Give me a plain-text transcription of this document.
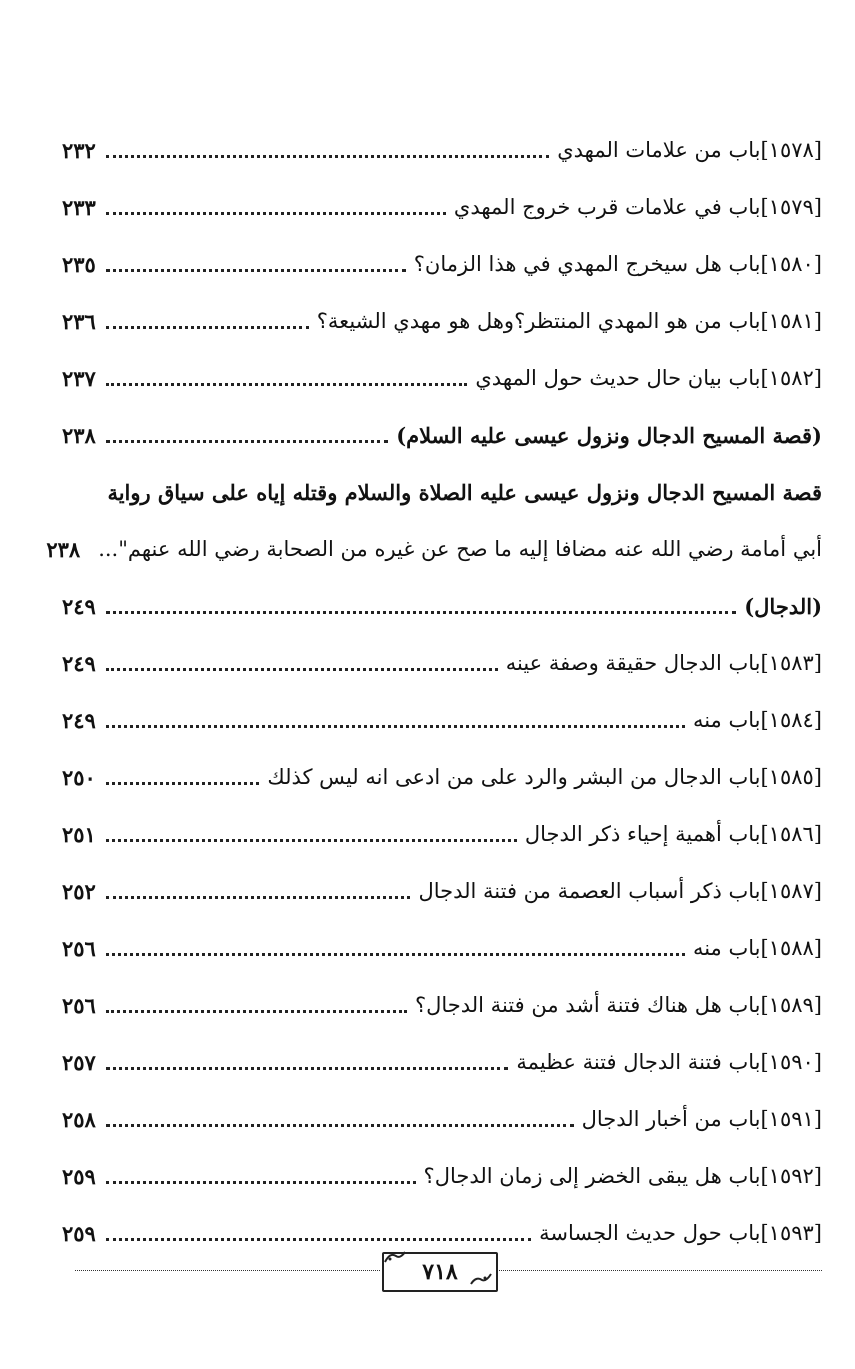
[١٥٧٨]باب من علامات المهدي
٢٣٢
[١٥٧٩]باب في علامات قرب خروج المهدي
٢٣٣
[١٥٨٠]باب هل سيخرج المهدي في هذا الزمان؟
٢٣٥
[١٥٨١]باب من هو المهدي المنتظر؟وهل هو مهدي الشيعة؟
٢٣٦
[١٥٨٢]باب بيان حال حديث حول المهدي
٢٣٧
(قصة المسيح الدجال ونزول عيسى عليه السلام)
٢٣٨
قصة المسيح الدجال ونزول عيسى عليه الصلاة والسلام وقتله إياه على سياق رواية
أبي أمامة رضي الله عنه مضافا إليه ما صح عن غيره من الصحابة رضي الله عنهم"...
٢٣٨
(الدجال)
٢٤٩
[١٥٨٣]باب الدجال حقيقة وصفة عينه
٢٤٩
[١٥٨٤]باب منه
٢٤٩
[١٥٨٥]باب الدجال من البشر والرد على من ادعى انه ليس كذلك
٢٥٠
[١٥٨٦]باب أهمية إحياء ذكر الدجال
٢٥١
[١٥٨٧]باب ذكر أسباب العصمة من فتنة الدجال
٢٥٢
[١٥٨٨]باب منه
٢٥٦
[١٥٨٩]باب هل هناك فتنة أشد من فتنة الدجال؟
٢٥٦
[١٥٩٠]باب فتنة الدجال فتنة عظيمة
٢٥٧
[١٥٩١]باب من أخبار الدجال
٢٥٨
[١٥٩٢]باب هل يبقى الخضر إلى زمان الدجال؟
٢٥٩
[١٥٩٣]باب حول حديث الجساسة
٢٥٩
٧١٨
